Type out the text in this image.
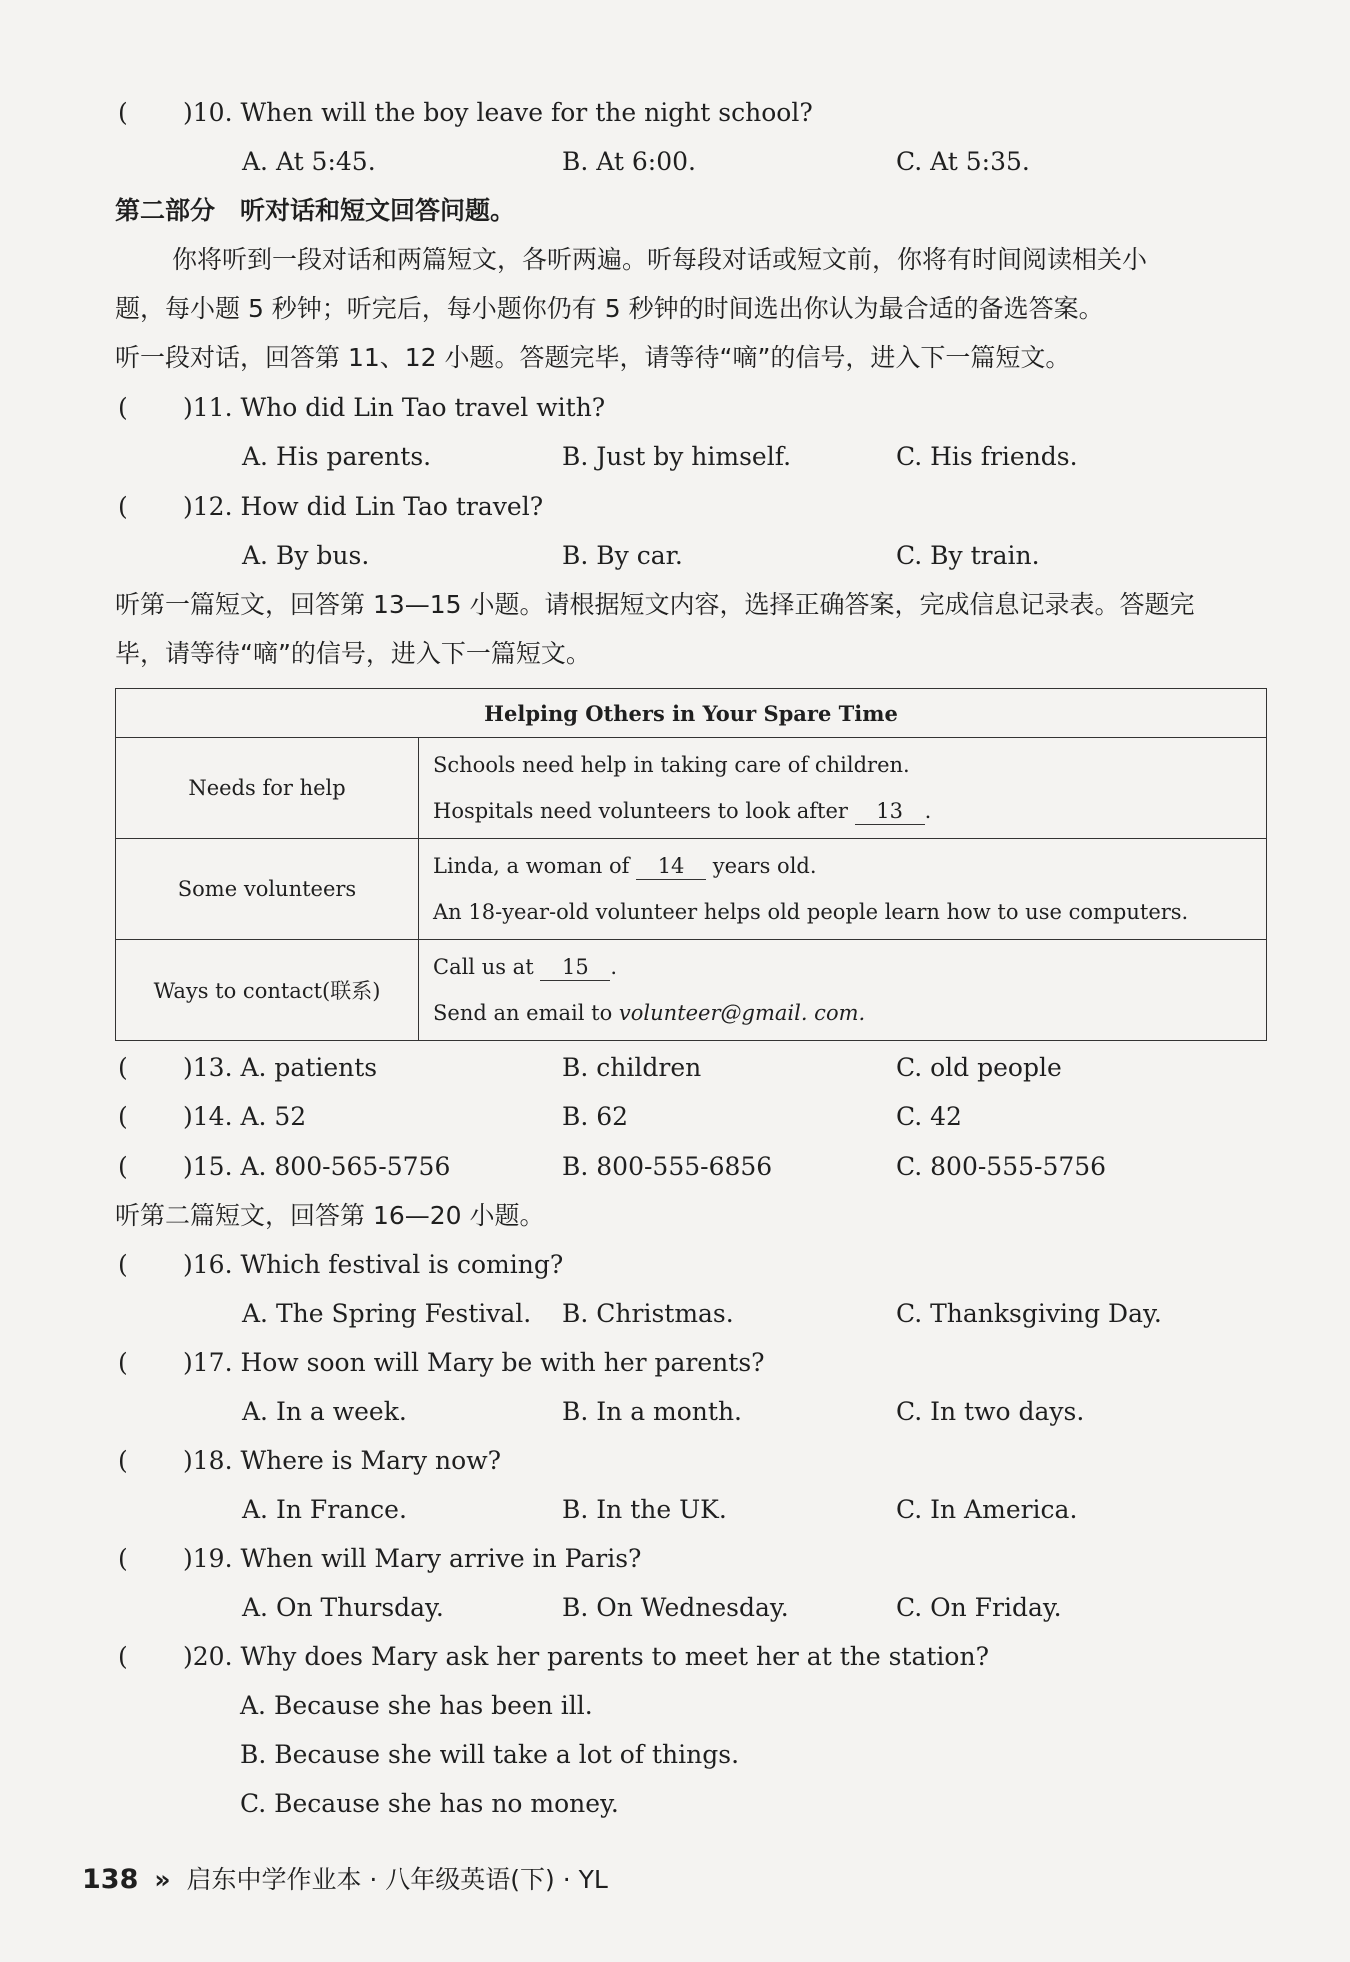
( )10. When will the boy leave for the night school?
A. At 5:45.	B. At 6:00.	C. At 5:35.
第二部分　听对话和短文回答问题。
你将听到一段对话和两篇短文，各听两遍。听每段对话或短文前，你将有时间阅读相关小
题，每小题 5 秒钟；听完后，每小题你仍有 5 秒钟的时间选出你认为最合适的备选答案。
听一段对话，回答第 11、12 小题。答题完毕，请等待“嘀”的信号，进入下一篇短文。
( )11. Who did Lin Tao travel with?
A. His parents.	B. Just by himself.	C. His friends.
( )12. How did Lin Tao travel?
A. By bus.	B. By car.	C. By train.
听第一篇短文，回答第 13—15 小题。请根据短文内容，选择正确答案，完成信息记录表。答题完
毕，请等待“嘀”的信号，进入下一篇短文。
Helping Others in Your Spare Time	
Needs for help	Schools need help in taking care of children.
Hospitals need volunteers to look after 13 .

Some volunteers	Linda, a woman of 14 years old.
An 18-year-old volunteer helps old people learn how to use computers.

Ways to contact(联系)	Call us at 15 .
Send an email to volunteer@gmail. com.
( )13. A. patients	B. children	C. old people
( )14. A. 52	B. 62	C. 42
( )15. A. 800-565-5756	B. 800-555-6856	C. 800-555-5756
听第二篇短文，回答第 16—20 小题。
( )16. Which festival is coming?
A. The Spring Festival. B. Christmas.	C. Thanksgiving Day.
( )17. How soon will Mary be with her parents?
A. In a week.	B. In a month.	C. In two days.
( )18. Where is Mary now?
A. In France.	B. In the UK.	C. In America.
( )19. When will Mary arrive in Paris?
A. On Thursday.	B. On Wednesday.	C. On Friday.
( )20. Why does Mary ask her parents to meet her at the station?
A. Because she has been ill.
B. Because she will take a lot of things.
C. Because she has no money.
138 » 启东中学作业本 · 八年级英语(下) · YL
